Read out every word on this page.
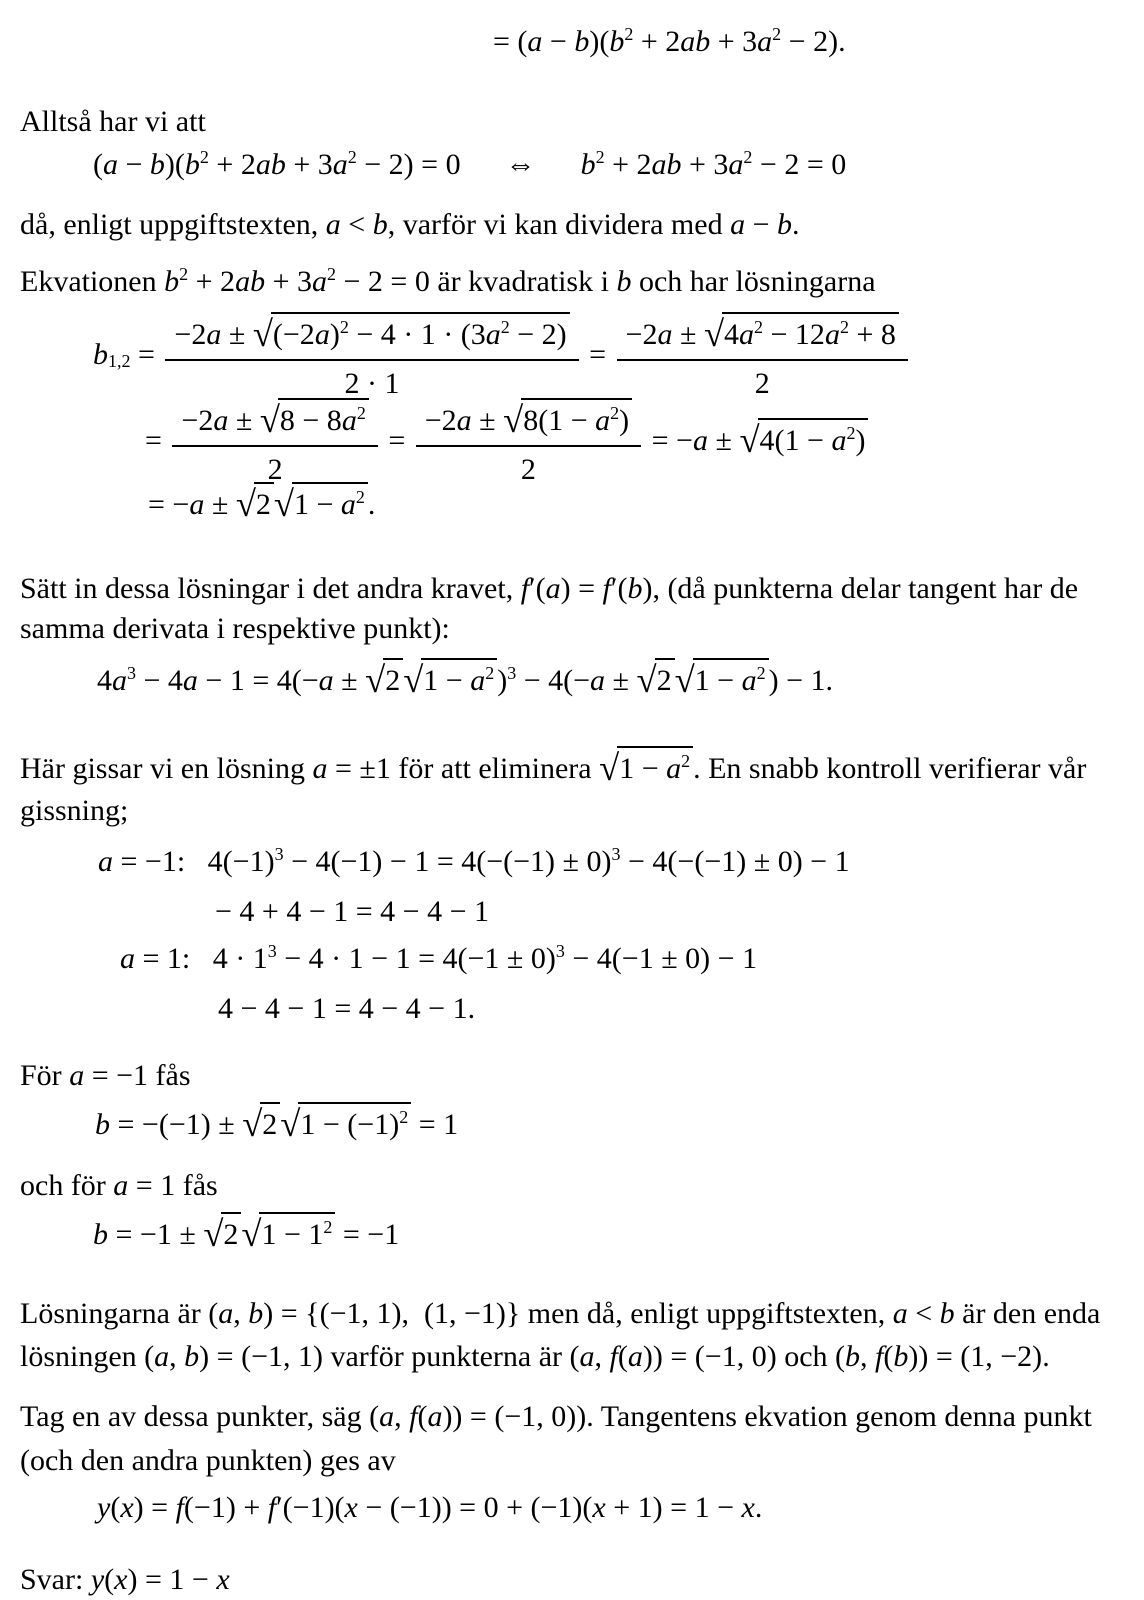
= $(a - b)(b^2 + 2ab + 3a^2 - 2)$.
Alltså har vi att
$(a - b)(b^2 + 2ab + 3a^2 - 2) = 0$  ⇔  $b^2 + 2ab + 3a^2 - 2 = 0$
då, enligt uppgiftstexten, a < b, varför vi kan dividera med a − b.
Ekvationen $b^2 + 2ab + 3a^2 - 2 = 0$ är kvadratisk i b och har lösningarna
$b_{1,2} = \frac{-2a \pm √(-2a)^2 - 4 \cdot 1 \cdot (3a^2 - 2)}{2 \cdot 1} = \frac{-2a \pm √4a^2 - 12a^2 + 8}{2}$
= $\frac{-2a \pm √8 - 8a^2}{2} = \frac{-2a \pm √8(1 - a^2)}{2} = -a \pm √4(1 - a^2)$
= $-a \pm √2√1 - a^2$ .
Sätt in dessa lösningar i det andra kravet, f′(a) = f′(b), (då punkterna delar tangent har de
samma derivata i respektive punkt):
$4a^3 - 4a - 1 = 4(-a \pm √2√1 - a^2$ )$^3 - 4(-a \pm √2√1 - a^2$ ) − 1.
Här gissar vi en lösning a = ±1 för att eliminera $√1 - a^2$ . En snabb kontroll verifierar vår
gissning;
a = −1:  $4(-1)^3 - 4(-1) - 1 = 4(-(-1) \pm 0)^3 - 4(-(-1) \pm 0) - 1$
− 4 + 4 − 1 = 4 − 4 − 1
a = 1:  $4 \cdot 1^3 - 4 \cdot 1 - 1 = 4(-1 \pm 0)^3 - 4(-1 \pm 0) - 1$
4 − 4 − 1 = 4 − 4 − 1.
För a = −1 fås
$b = -(-1) \pm √2√1 - (-1)^2 = 1$
och för a = 1 fås
$b = -1 \pm √2√1 - 1^2 = -1$
Lösningarna är (a, b) = {(−1, 1), (1, −1)} men då, enligt uppgiftstexten, a < b är den enda
lösningen (a, b) = (−1, 1) varför punkterna är (a, f(a)) = (−1, 0) och (b, f(b)) = (1, −2).
Tag en av dessa punkter, säg (a, f(a)) = (−1, 0)). Tangentens ekvation genom denna punkt
(och den andra punkten) ges av
y(x) = f(−1) + f′(−1)(x − (−1)) = 0 + (−1)(x + 1) = 1 − x.
Svar: y(x) = 1 − x
